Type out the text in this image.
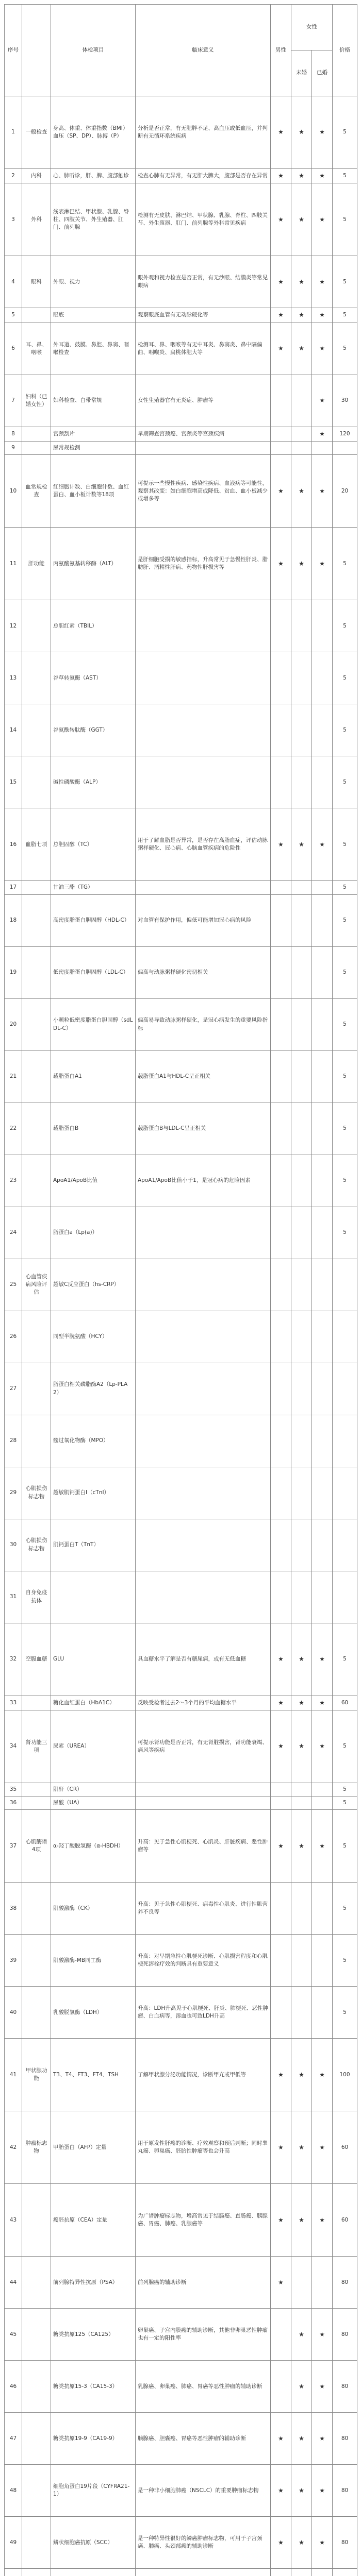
序号		体检项目	临床意义	男性	女性		价格
					未婚	已婚	
1	一般检查	身高、体重、体重指数（BMI）血压（SP、DP）、脉搏（P）	分析是否正常，有无肥胖不足、高血压或低血压，并判断有无循环系统疾病	★	★	★	5
2	内科	心、肺听诊，肝、脾、腹部触诊	检查心肺有无异常，有无肝大脾大，腹部是否存在异常	★	★	★	5
3	外科	浅表淋巴结、甲状腺、乳腺、脊柱、四肢关节、外生殖器、肛门、前列腺	检测有无皮肤、淋巴结、甲状腺、乳腺、脊柱、四肢关节、外生殖器、肛门、前列腺等外科常见疾病	★	★	★	5
4	眼科	外眼、视力	眼外观和视力检查是否正常，有无沙眼、结膜炎等常见眼病	★	★	★	5
5		眼底	观察眼底血管有无动脉硬化等	★	★	★	5
6	耳、鼻、咽喉	外耳道、鼓膜、鼻腔、鼻窦、咽喉检查	检测耳、鼻、咽喉等有无中耳炎、鼻窦炎、鼻中隔偏曲、咽喉炎、扁桃体肥大等	★	★	★	5
7	妇科（已婚女性）	妇科检查、白带常规	女性生殖器官有无炎症、肿瘤等			★	30
8		宫颈刮片	早期筛查宫颈癌、宫颈炎等宫颈疾病			★	120
9		尿常规检测					
10	血常规检查	红细胞计数、白细胞计数、血红蛋白、血小板计数等18项	可提示一些慢性疾病、感染性疾病、血液病等可能性，观察其改变：如白细胞增高或降低、贫血、血小板减少或增多等	★	★	★	20
11	肝功能	丙氨酸氨基转移酶（ALT）	是肝细胞受损的敏感指标，升高常见于急慢性肝炎、脂肪肝、酒精性肝病、药物性肝损害等	★	★	★	5
12		总胆红素（TBIL）					5
13		谷草转氨酶（AST）					5
14		谷氨酰转肽酶（GGT）					5
15		碱性磷酸酶（ALP）					5
16	血脂七项	总胆固醇（TC）	用于了解血脂是否异常，是否存在高脂血症，评估动脉粥样硬化、冠心病、心脑血管疾病的危险性	★	★	★	5
17		甘油三酯（TG）					5
18		高密度脂蛋白胆固醇（HDL-C）	对血管有保护作用，偏低可能增加冠心病的风险				5
19		低密度脂蛋白胆固醇（LDL-C）	偏高与动脉粥样硬化密切相关				5
20		小颗粒低密度脂蛋白胆固醇（sdLDL-C）	偏高易导致动脉粥样硬化，是冠心病发生的重要风险指标				5
21		载脂蛋白A1	载脂蛋白A1与HDL-C呈正相关				5
22		载脂蛋白B	载脂蛋白B与LDL-C呈正相关				5
23		ApoA1/ApoB比值	ApoA1/ApoB比值小于1，是冠心病的危险因素				5
24		脂蛋白a（Lp(a)）					5
25	心血管疾病风险评估	超敏C反应蛋白（hs-CRP）					
26		同型半胱氨酸（HCY）					
27		脂蛋白相关磷脂酶A2（Lp-PLA2）					
28		髓过氧化物酶（MPO）					
29	心肌损伤标志物	超敏肌钙蛋白I（cTnI）					
30	心肌损伤标志物	肌钙蛋白T（TnT）					
31	自身免疫抗体						
32	空腹血糖	GLU	具血糖水平了解是否有糖尿病，或有无低血糖	★	★	★	5
33		糖化血红蛋白（HbA1C）	反映受检者过去2～3个月的平均血糖水平	★	★	★	60
34	肾功能三项	尿素（UREA）	可提示肾功能是否正常，有无肾脏损害，肾功能衰竭、痛风等疾病	★	★	★	5
35		肌酐（CR）					5
36		尿酸（UA）					5
37	心肌酶谱4项	α-羟丁酸脱氢酶（α-HBDH）	升高：见于急性心肌梗死、心肌炎、肝脏疾病、恶性肿瘤等	★	★	★	5
38		肌酸激酶（CK）	升高：见于急性心肌梗死、病毒性心肌炎、进行性肌营养不良等				5
39		肌酸激酶-MB同工酶	升高：对早期急性心肌梗死诊断、心肌损害程度和心肌梗死溶栓疗效的判断具有重要意义				5
40		乳酸脱氢酶（LDH）	升高：LDH升高见于心肌梗死、肝炎、肺梗死、恶性肿瘤、白血病等，溶血也可致LDH升高				5
41	甲状腺功能	T3、T4、FT3、FT4、TSH	了解甲状腺分泌功能情况，诊断甲亢或甲低等	★	★	★	100
42	肿瘤标志物	甲胎蛋白（AFP）定量	用于原发性肝癌的诊断、疗效观察和预后判断；同时睾丸癌、卵巢癌、胚胎性肿瘤等也会升高	★	★	★	60
43		癌胚抗原（CEA）定量	为广谱肿瘤标志物，增高常见于结肠癌、直肠癌、胰腺癌、胃癌、肺癌、乳腺癌等	★	★	★	60
44		前列腺特异性抗原（PSA）	前列腺癌的辅助诊断	★			80
45		糖类抗原125（CA125）	卵巢癌、子宫内膜癌的辅助诊断，其他非卵巢恶性肿瘤也有一定的阳性率		★	★	80
46		糖类抗原15-3（CA15-3）	乳腺癌、卵巢癌、肺癌、胃癌等恶性肿瘤的辅助诊断		★	★	80
47		糖类抗原19-9（CA19-9）	胰腺癌、胆囊癌、胃癌等恶性肿瘤的辅助诊断	★	★	★	80
48		细胞角蛋白19片段（CYFRA21-1）	是一种非小细胞肺癌（NSCLC）的重要肿瘤标志物	★	★	★	80
49		鳞状细胞癌抗原（SCC）	是一种特异性很好的鳞癌肿瘤标志物，可用于子宫颈癌、肺癌、头颈部癌的辅助诊断	★	★	★	80
